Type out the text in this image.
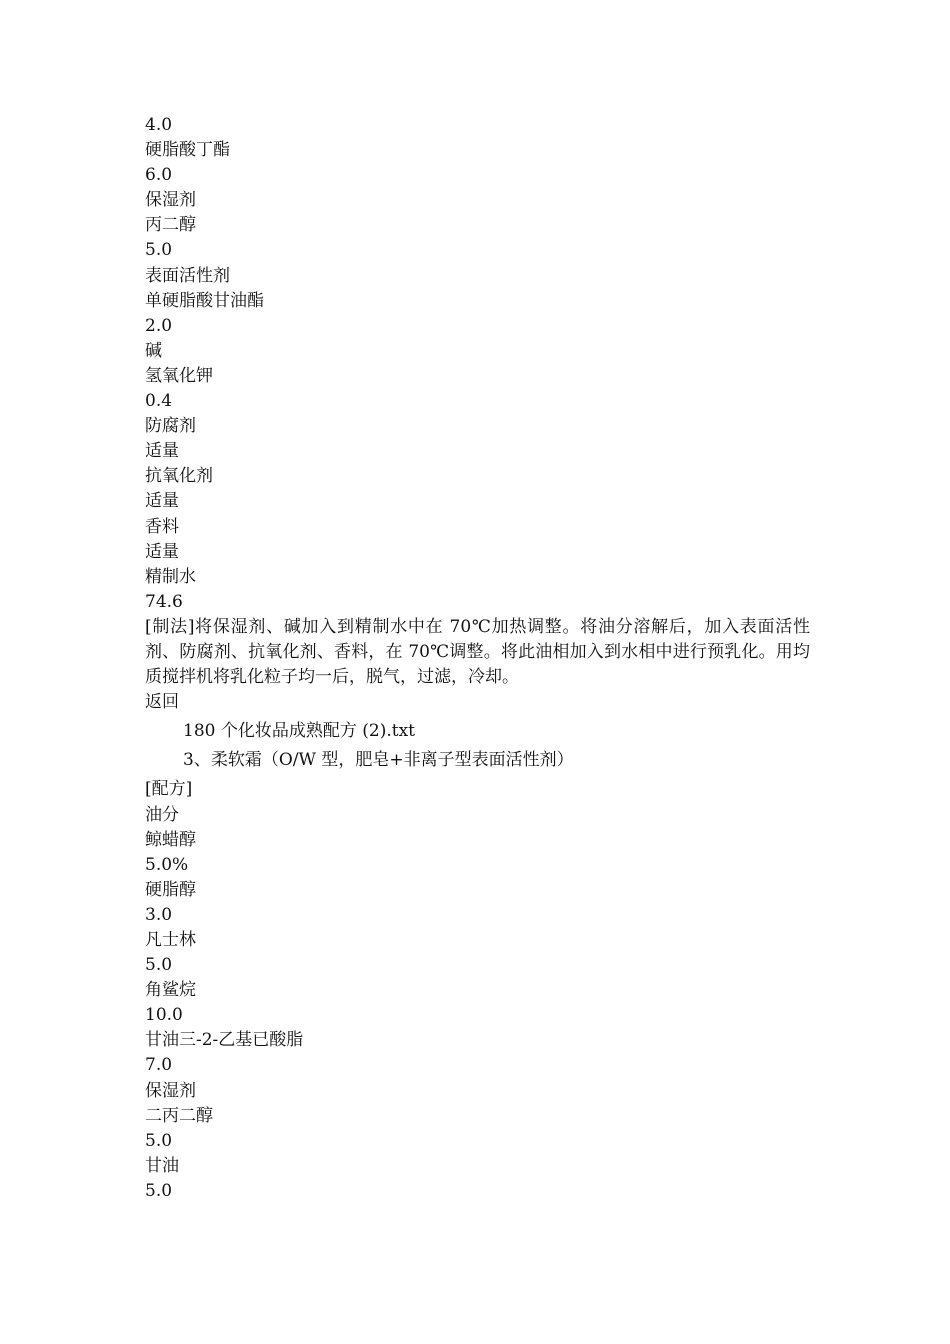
4.0
硬脂酸丁酯
6.0
保湿剂
丙二醇
5.0
表面活性剂
单硬脂酸甘油酯
2.0
碱
氢氧化钾
0.4
防腐剂
适量
抗氧化剂
适量
香料
适量
精制水
74.6
[制法]将保湿剂、碱加入到精制水中在 70℃加热调整。将油分溶解后，加入表面活性剂、防腐剂、抗氧化剂、香料，在 70℃调整。将此油相加入到水相中进行预乳化。用均质搅拌机将乳化粒子均一后，脱气，过滤，冷却。
返回
180 个化妆品成熟配方 (2).txt
3、柔软霜（O/W 型，肥皂+非离子型表面活性剂）
[配方]
油分
鲸蜡醇
5.0%
硬脂醇
3.0
凡士林
5.0
角鲨烷
10.0
甘油三-2-乙基已酸脂
7.0
保湿剂
二丙二醇
5.0
甘油
5.0
